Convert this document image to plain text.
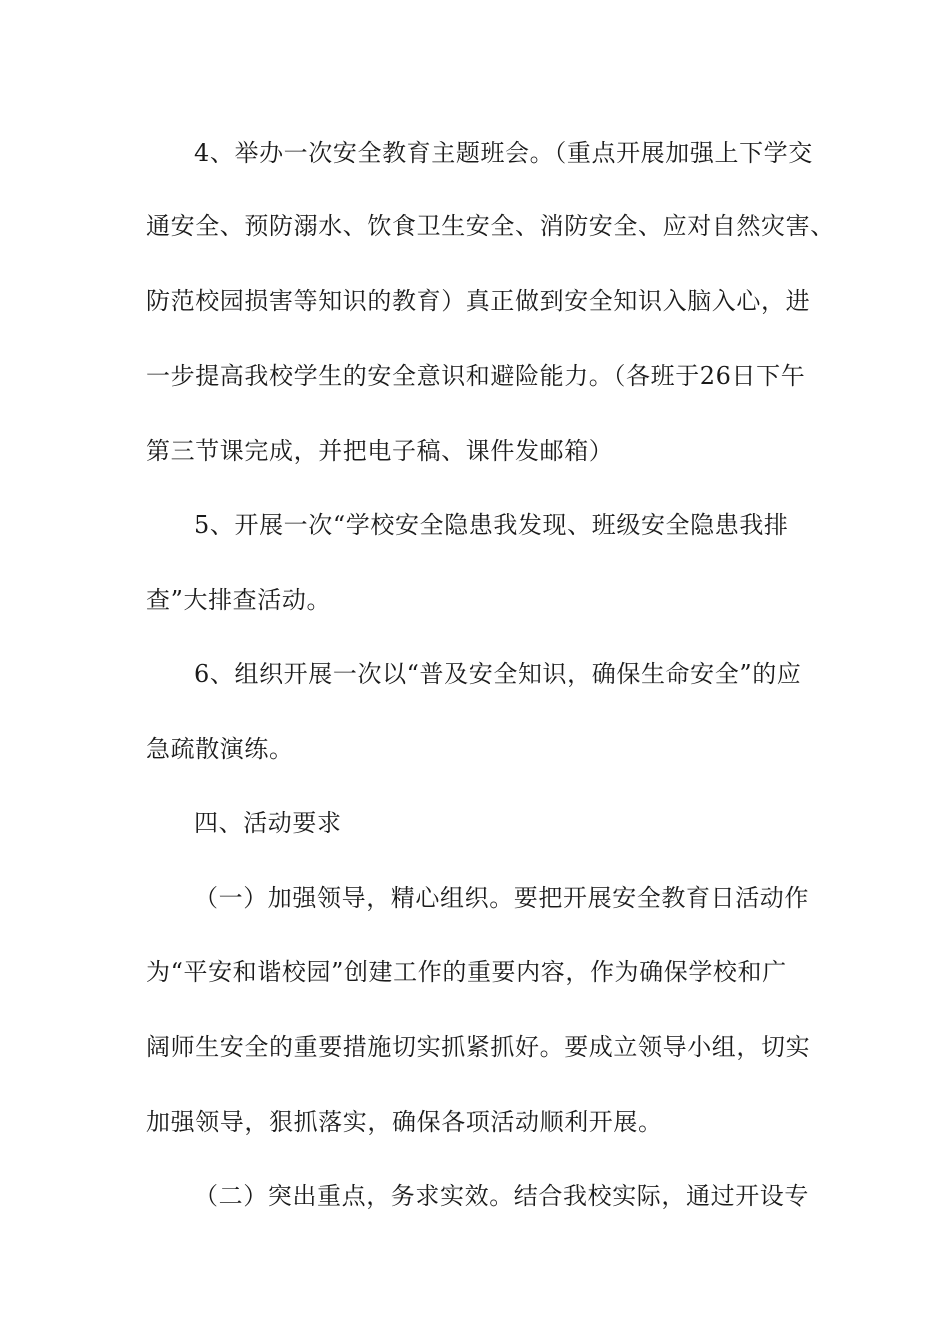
4、举办一次安全教育主题班会。（重点开展加强上下学交
通安全、预防溺水、饮食卫生安全、消防安全、应对自然灾害、
防范校园损害等知识的教育）真正做到安全知识入脑入心，进
一步提高我校学生的安全意识和避险能力。（各班于26日下午
第三节课完成，并把电子稿、课件发邮箱）
5、开展一次“学校安全隐患我发现、班级安全隐患我排
查”大排查活动。
6、组织开展一次以“普及安全知识，确保生命安全”的应
急疏散演练。
四、活动要求
（一）加强领导，精心组织。要把开展安全教育日活动作
为“平安和谐校园”创建工作的重要内容，作为确保学校和广
阔师生安全的重要措施切实抓紧抓好。要成立领导小组，切实
加强领导，狠抓落实，确保各项活动顺利开展。
（二）突出重点，务求实效。结合我校实际，通过开设专
